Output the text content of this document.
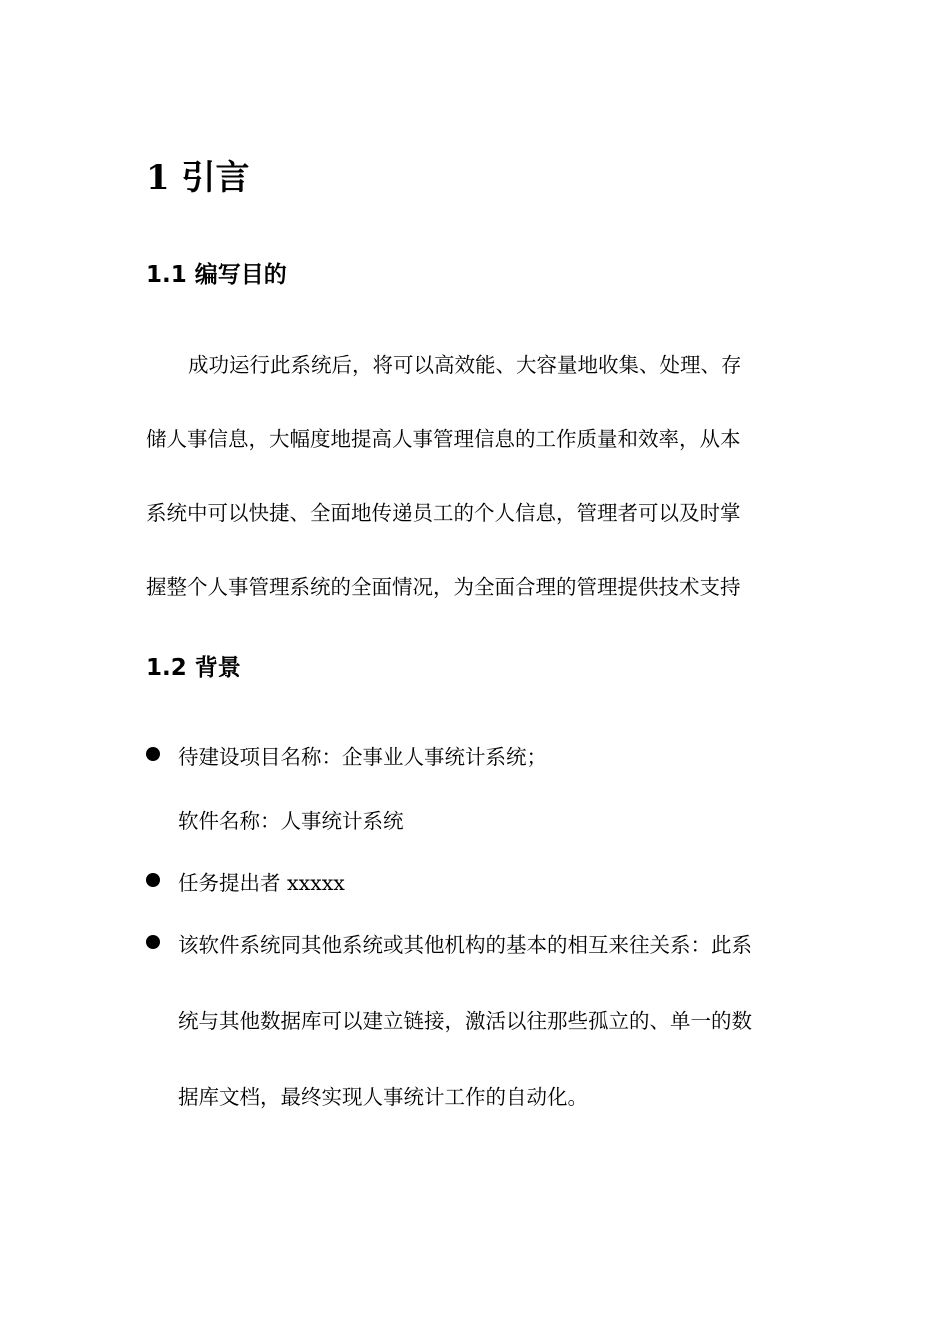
1 引言
1.1 编写目的
成功运行此系统后，将可以高效能、大容量地收集、处理、存
储人事信息，大幅度地提高人事管理信息的工作质量和效率，从本
系统中可以快捷、全面地传递员工的个人信息，管理者可以及时掌
握整个人事管理系统的全面情况，为全面合理的管理提供技术支持
1.2 背景
待建设项目名称：企事业人事统计系统；
软件名称：人事统计系统
任务提出者 xxxxx
该软件系统同其他系统或其他机构的基本的相互来往关系：此系
统与其他数据库可以建立链接，激活以往那些孤立的、单一的数
据库文档，最终实现人事统计工作的自动化。
